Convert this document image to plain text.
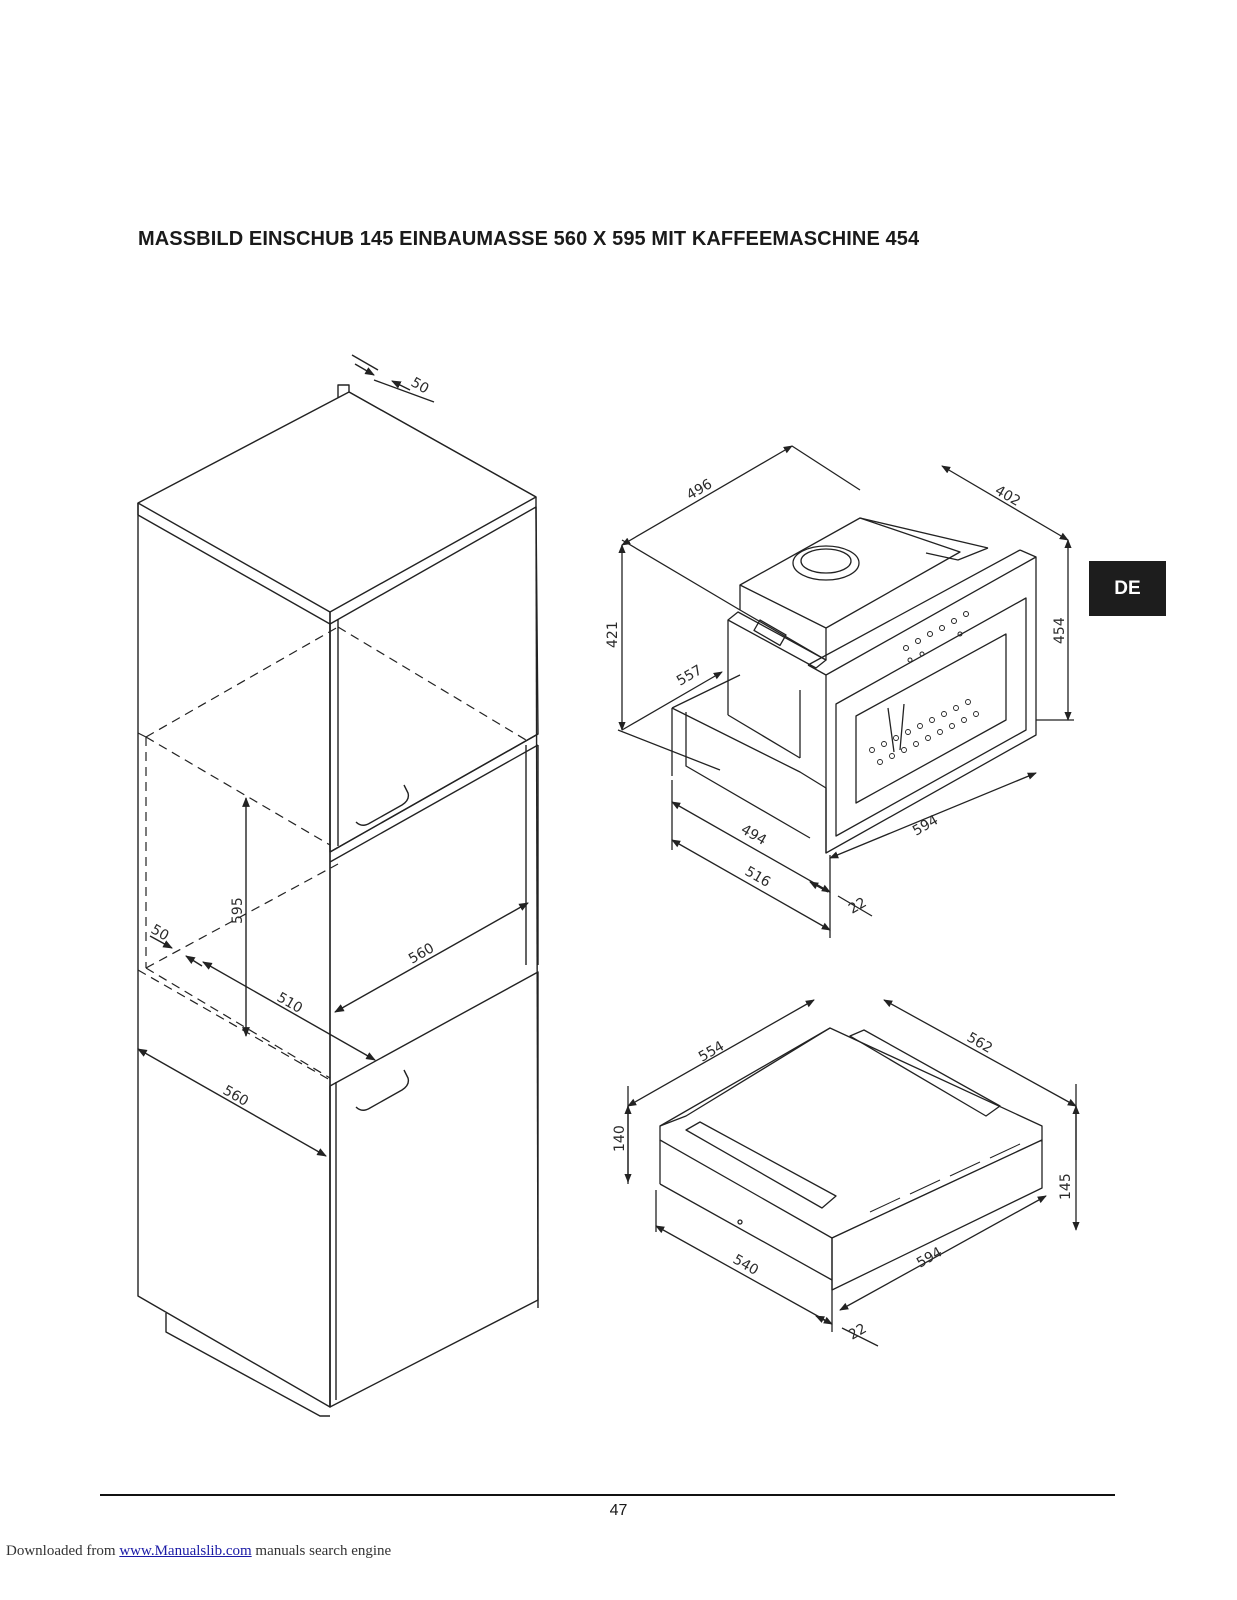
MASSBILD EINSCHUB 145 EINBAUMASSE 560 X 595 MIT KAFFEEMASCHINE 454
DE
50
595
560
50
510
560
496	402
421	454
557
494	594
516
22
554	562
140
145
540	594
22
47
Downloaded from www.Manualslib.com manuals search engine
